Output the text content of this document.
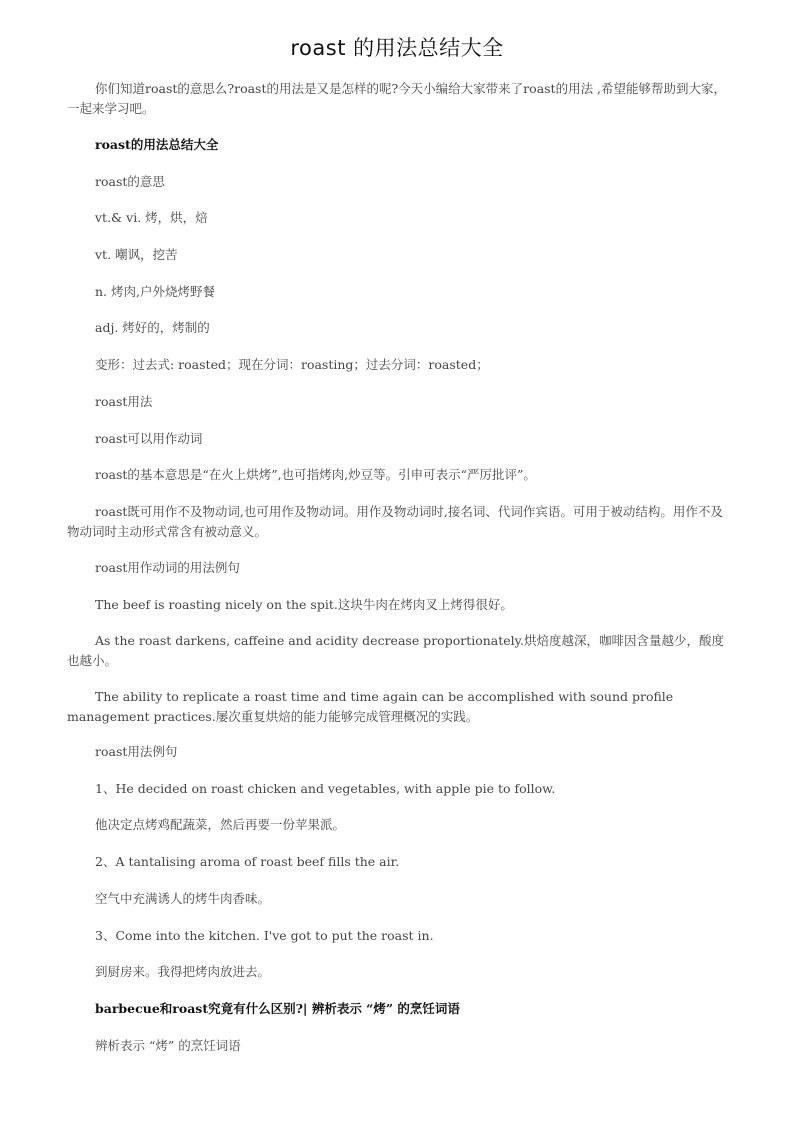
roast 的用法总结大全
你们知道roast的意思么?roast的用法是又是怎样的呢?今天小编给大家带来了roast的用法 ,希望能够帮助到大家，一起来学习吧。
roast的用法总结大全
roast的意思
vt.& vi. 烤，烘，焙
vt. 嘲讽，挖苦
n. 烤肉,户外烧烤野餐
adj. 烤好的，烤制的
变形：过去式: roasted；现在分词：roasting；过去分词：roasted；
roast用法
roast可以用作动词
roast的基本意思是“在火上烘烤”,也可指烤肉,炒豆等。引申可表示“严厉批评”。
roast既可用作不及物动词,也可用作及物动词。用作及物动词时,接名词、代词作宾语。可用于被动结构。用作不及物动词时主动形式常含有被动意义。
roast用作动词的用法例句
The beef is roasting nicely on the spit.这块牛肉在烤肉叉上烤得很好。
As the roast darkens, caffeine and acidity decrease proportionately.烘焙度越深，咖啡因含量越少，酸度也越小。
The ability to replicate a roast time and time again can be accomplished with sound profile management practices.屡次重复烘焙的能力能够完成管理概况的实践。
roast用法例句
1、He decided on roast chicken and vegetables, with apple pie to follow.
他决定点烤鸡配蔬菜，然后再要一份苹果派。
2、A tantalising aroma of roast beef fills the air.
空气中充满诱人的烤牛肉香味。
3、Come into the kitchen. I've got to put the roast in.
到厨房来。我得把烤肉放进去。
barbecue和roast究竟有什么区别?| 辨析表示 “烤” 的烹饪词语
辨析表示 “烤” 的烹饪词语
